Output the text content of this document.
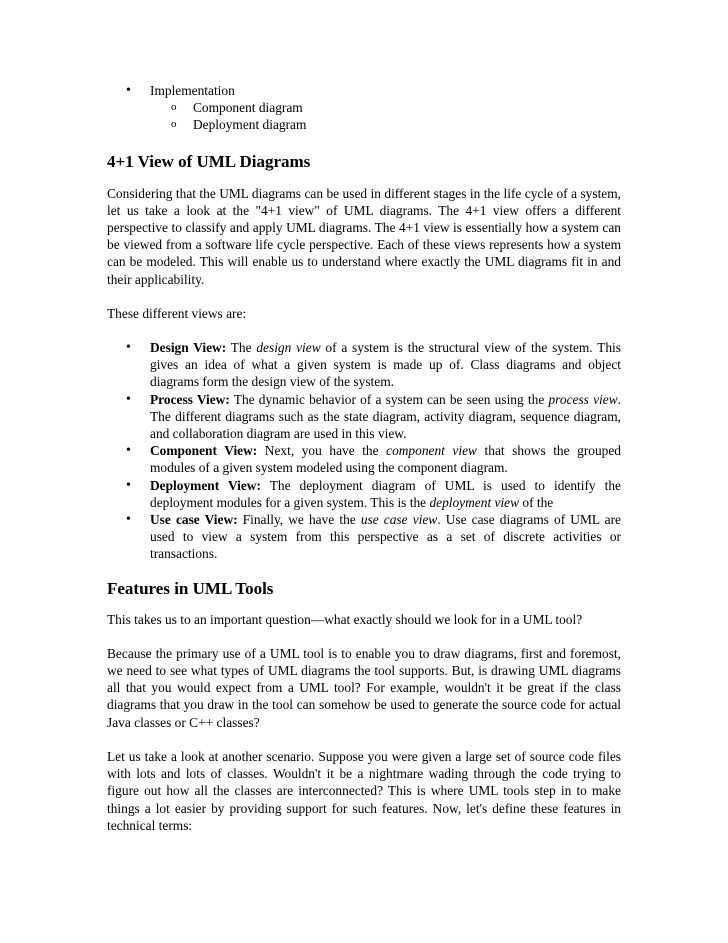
• Implementation
o Component diagram
o Deployment diagram
4+1 View of UML Diagrams

Considering that the UML diagrams can be used in different stages in the life cycle of a system, let us take a look at the "4+1 view" of UML diagrams. The 4+1 view offers a different perspective to classify and apply UML diagrams. The 4+1 view is essentially how a system can be viewed from a software life cycle perspective. Each of these views represents how a system can be modeled. This will enable us to understand where exactly the UML diagrams fit in and their applicability.

These different views are:

• Design View: The design view of a system is the structural view of the system. This gives an idea of what a given system is made up of. Class diagrams and object diagrams form the design view of the system.
• Process View: The dynamic behavior of a system can be seen using the process view. The different diagrams such as the state diagram, activity diagram, sequence diagram, and collaboration diagram are used in this view.
• Component View: Next, you have the component view that shows the grouped modules of a given system modeled using the component diagram.
• Deployment View: The deployment diagram of UML is used to identify the deployment modules for a given system. This is the deployment view of the
• Use case View: Finally, we have the use case view. Use case diagrams of UML are used to view a system from this perspective as a set of discrete activities or transactions.
Features in UML Tools

This takes us to an important question—what exactly should we look for in a UML tool?

Because the primary use of a UML tool is to enable you to draw diagrams, first and foremost, we need to see what types of UML diagrams the tool supports. But, is drawing UML diagrams all that you would expect from a UML tool? For example, wouldn't it be great if the class diagrams that you draw in the tool can somehow be used to generate the source code for actual Java classes or C++ classes?

Let us take a look at another scenario. Suppose you were given a large set of source code files with lots and lots of classes. Wouldn't it be a nightmare wading through the code trying to figure out how all the classes are interconnected? This is where UML tools step in to make things a lot easier by providing support for such features. Now, let's define these features in technical terms:
